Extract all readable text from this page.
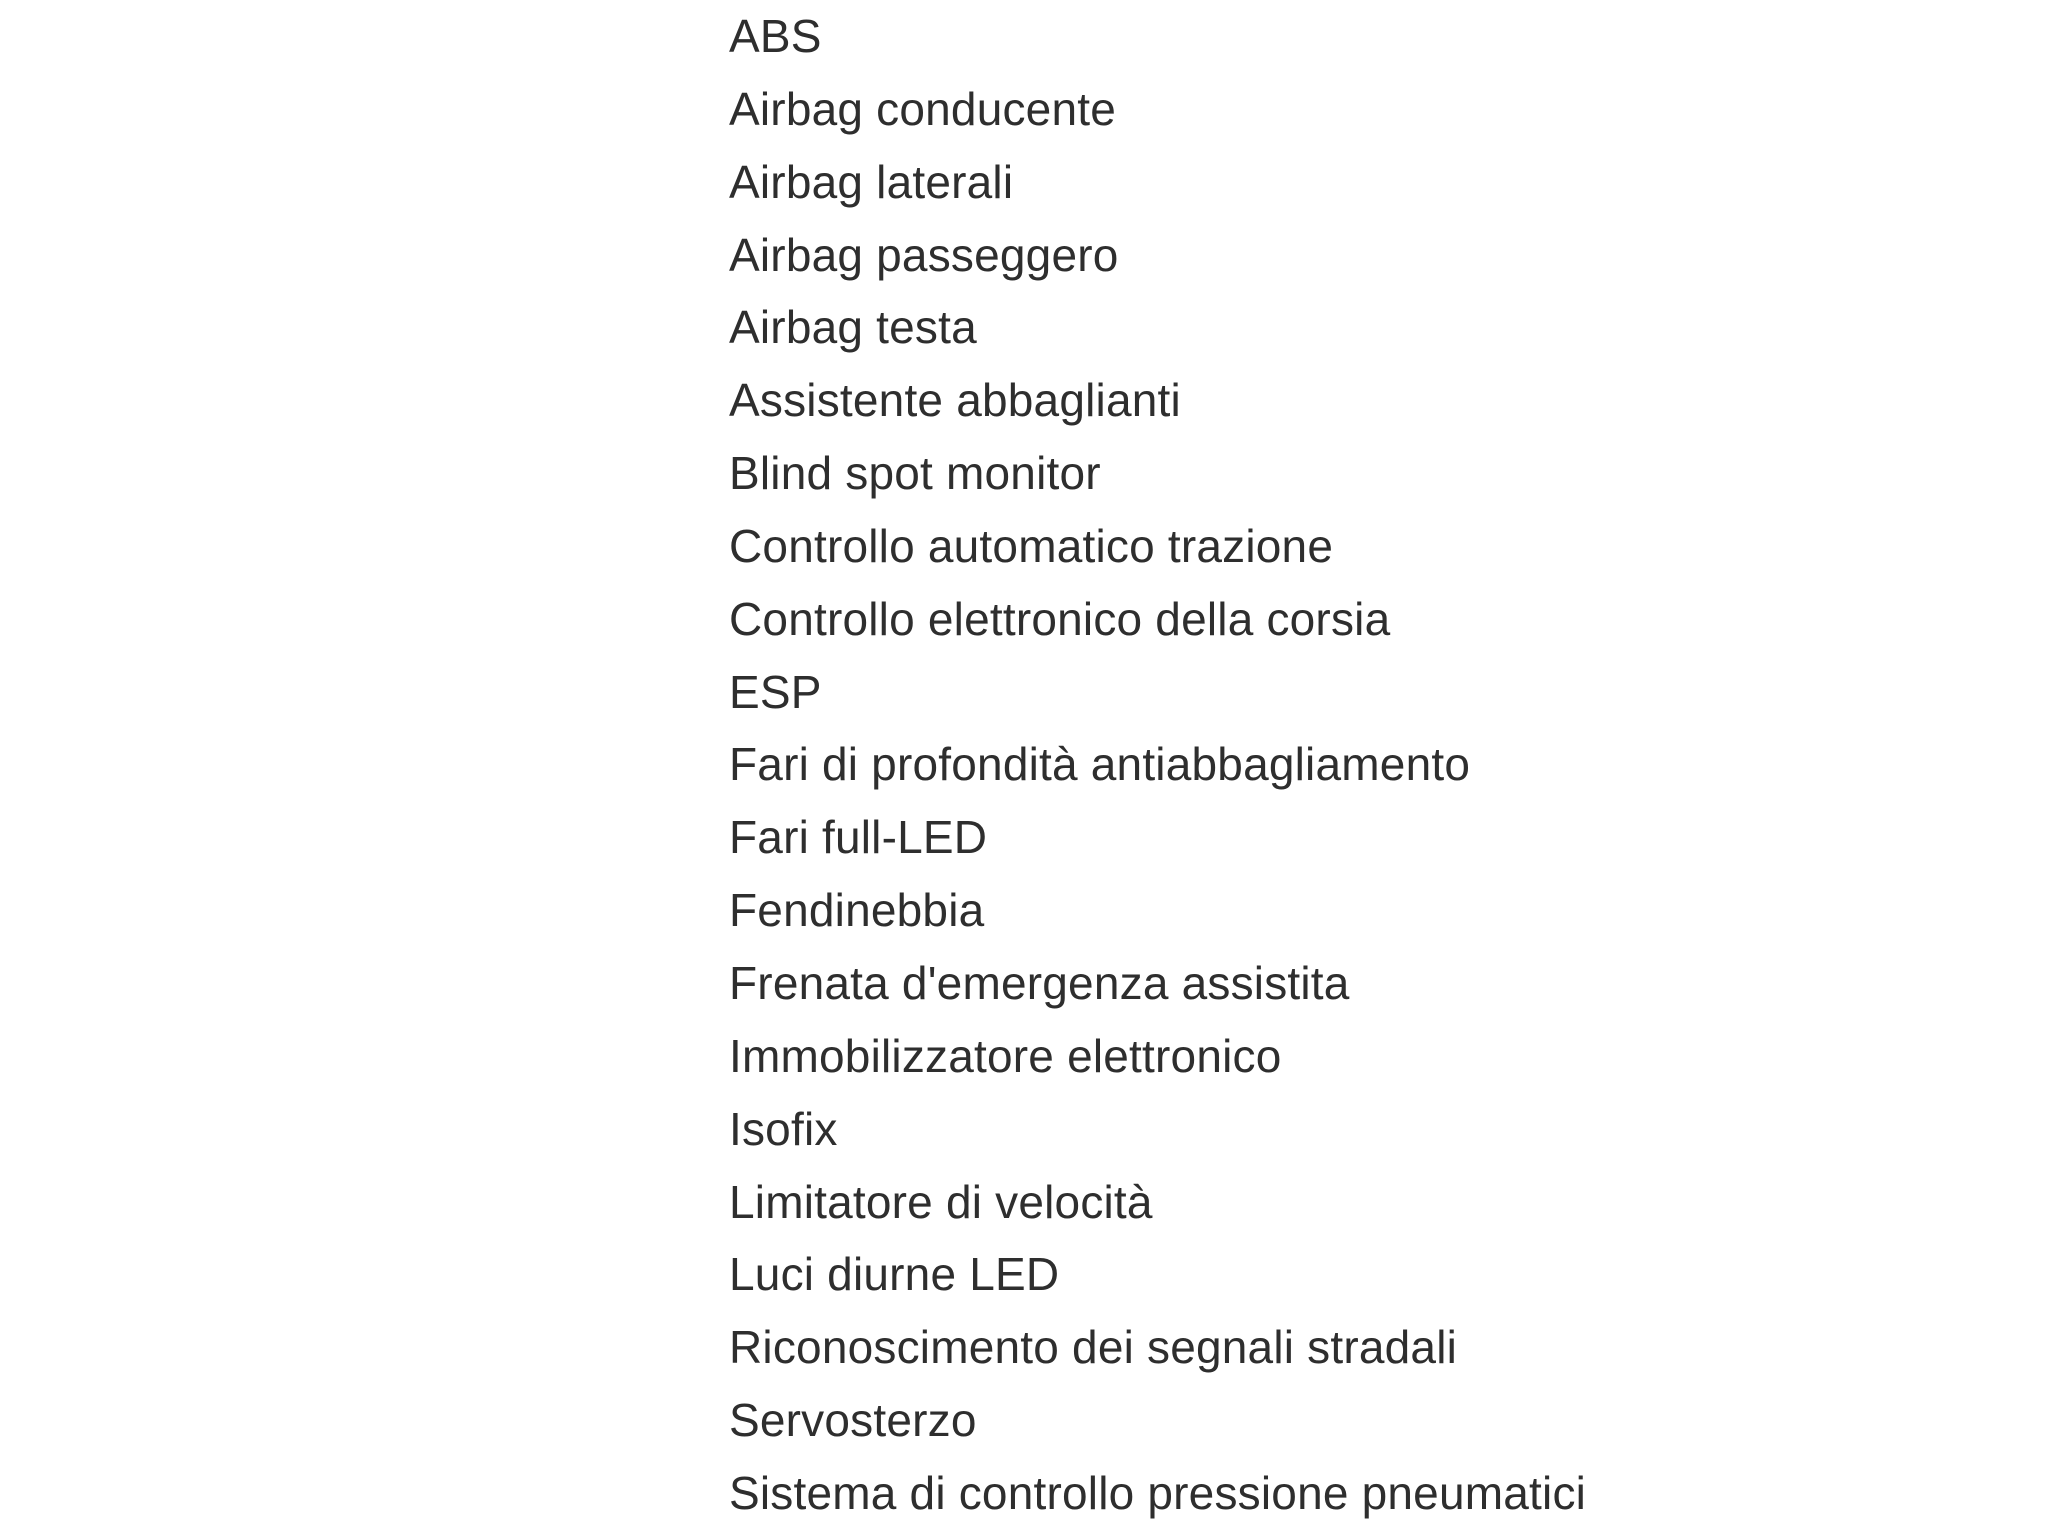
ABS
Airbag conducente
Airbag laterali
Airbag passeggero
Airbag testa
Assistente abbaglianti
Blind spot monitor
Controllo automatico trazione
Controllo elettronico della corsia
ESP
Fari di profondità antiabbagliamento
Fari full-LED
Fendinebbia
Frenata d'emergenza assistita
Immobilizzatore elettronico
Isofix
Limitatore di velocità
Luci diurne LED
Riconoscimento dei segnali stradali
Servosterzo
Sistema di controllo pressione pneumatici
